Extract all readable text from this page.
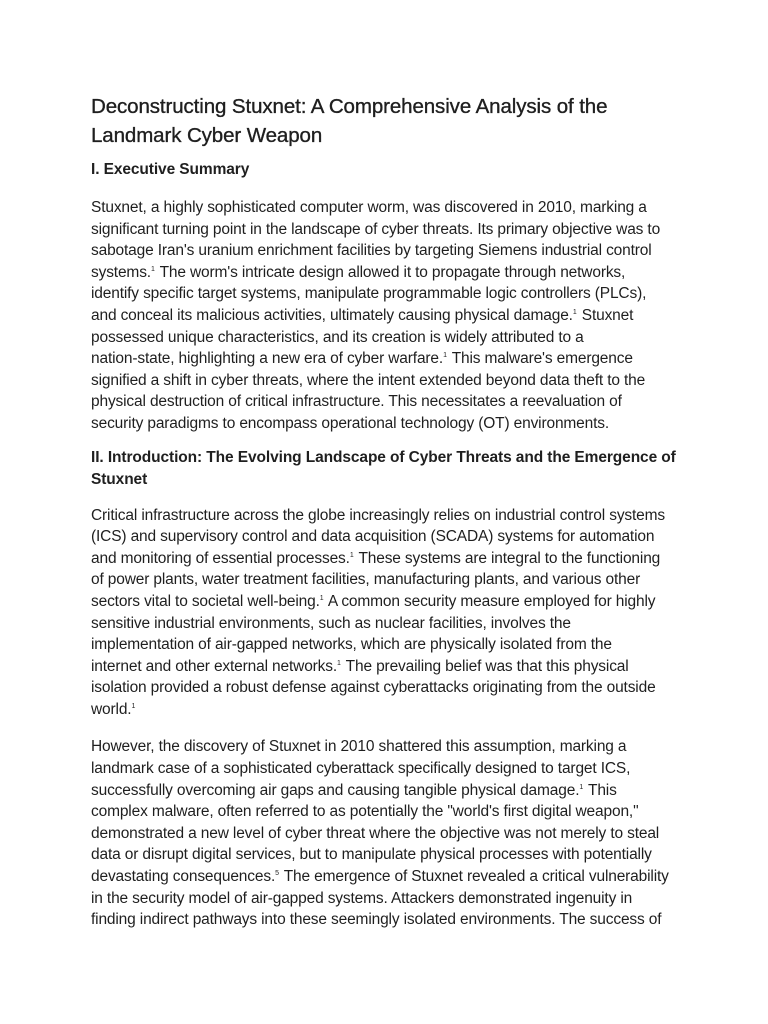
Deconstructing Stuxnet: A Comprehensive Analysis of the
Landmark Cyber Weapon
I. Executive Summary

Stuxnet, a highly sophisticated computer worm, was discovered in 2010, marking a
significant turning point in the landscape of cyber threats. Its primary objective was to
sabotage Iran's uranium enrichment facilities by targeting Siemens industrial control
systems.$^1$ The worm's intricate design allowed it to propagate through networks,
identify specific target systems, manipulate programmable logic controllers (PLCs),
and conceal its malicious activities, ultimately causing physical damage.$^1$ Stuxnet
possessed unique characteristics, and its creation is widely attributed to a
nation-state, highlighting a new era of cyber warfare.$^1$ This malware's emergence
signified a shift in cyber threats, where the intent extended beyond data theft to the
physical destruction of critical infrastructure. This necessitates a reevaluation of
security paradigms to encompass operational technology (OT) environments.

II. Introduction: The Evolving Landscape of Cyber Threats and the Emergence of
Stuxnet

Critical infrastructure across the globe increasingly relies on industrial control systems
(ICS) and supervisory control and data acquisition (SCADA) systems for automation
and monitoring of essential processes.$^1$ These systems are integral to the functioning
of power plants, water treatment facilities, manufacturing plants, and various other
sectors vital to societal well-being.$^1$ A common security measure employed for highly
sensitive industrial environments, such as nuclear facilities, involves the
implementation of air-gapped networks, which are physically isolated from the
internet and other external networks.$^1$ The prevailing belief was that this physical
isolation provided a robust defense against cyberattacks originating from the outside
world.$^1$

However, the discovery of Stuxnet in 2010 shattered this assumption, marking a
landmark case of a sophisticated cyberattack specifically designed to target ICS,
successfully overcoming air gaps and causing tangible physical damage.$^1$ This
complex malware, often referred to as potentially the "world's first digital weapon,"
demonstrated a new level of cyber threat where the objective was not merely to steal
data or disrupt digital services, but to manipulate physical processes with potentially
devastating consequences.$^5$ The emergence of Stuxnet revealed a critical vulnerability
in the security model of air-gapped systems. Attackers demonstrated ingenuity in
finding indirect pathways into these seemingly isolated environments. The success of
